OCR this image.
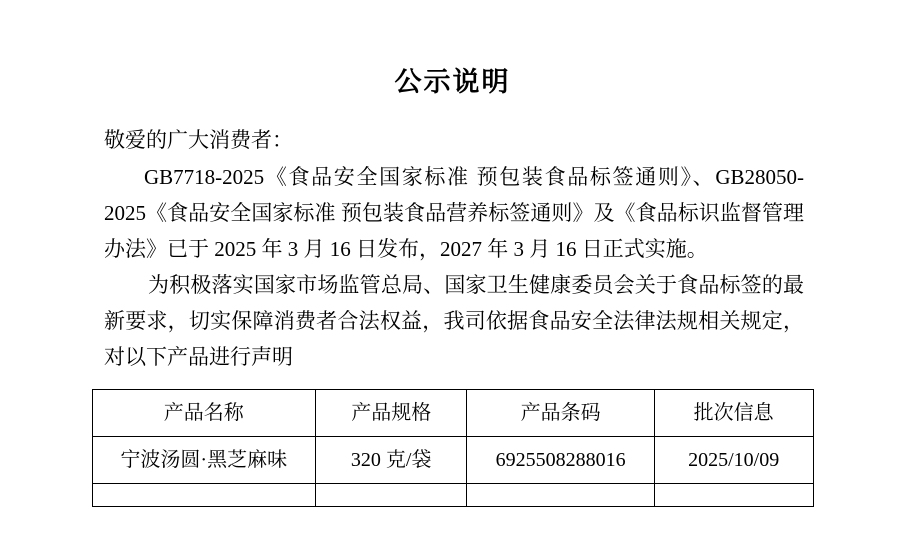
公示说明

敬爱的广大消费者：

GB7718-2025《食品安全国家标准 预包装食品标签通则》、GB28050-2025《食品安全国家标准 预包装食品营养标签通则》及《食品标识监督管理办法》已于 2025 年 3 月 16 日发布，2027 年 3 月 16 日正式实施。

为积极落实国家市场监管总局、国家卫生健康委员会关于食品标签的最新要求，切实保障消费者合法权益，我司依据食品安全法律法规相关规定，对以下产品进行声明

产品名称	产品规格	产品条码	批次信息
宁波汤圆·黑芝麻味	320 克/袋	6925508288016	2025/10/09
